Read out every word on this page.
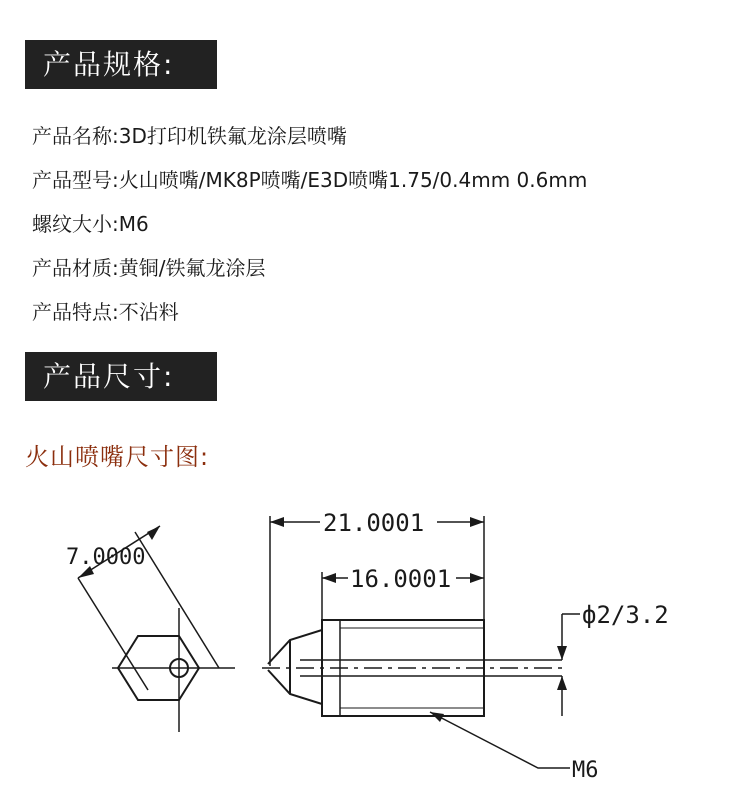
产品规格:
产品名称:3D打印机铁氟龙涂层喷嘴
产品型号:火山喷嘴/MK8P喷嘴/E3D喷嘴1.75/0.4mm 0.6mm
螺纹大小:M6
产品材质:黄铜/铁氟龙涂层
产品特点:不沾料
产品尺寸:
火山喷嘴尺寸图:
7.0000
21.0001
16.0001
ф2/3.2
M6
